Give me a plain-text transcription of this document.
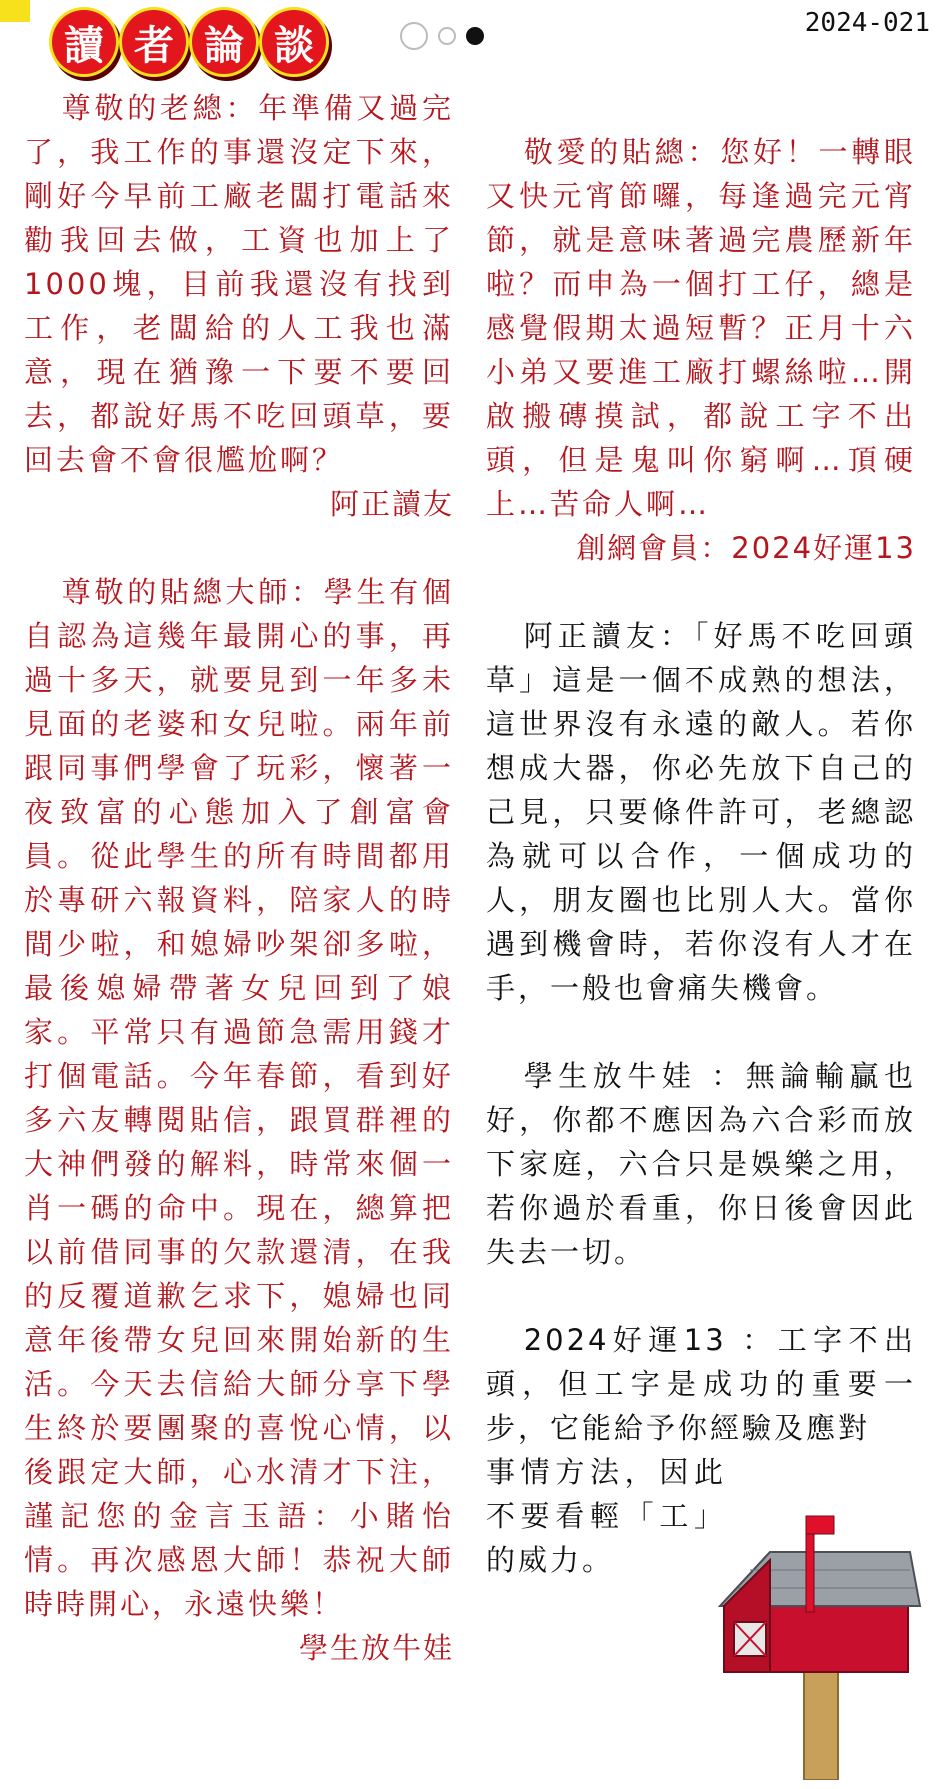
讀 者 論 談	2024-021

尊敬的老總：年準備又過完了，我工作的事還沒定下來，剛好今早前工廠老闆打電話來勸我回去做，工資也加上了1000塊，目前我還沒有找到工作，老闆給的人工我也滿意，現在猶豫一下要不要回去，都說好馬不吃回頭草，要回去會不會很尷尬啊？

阿正讀友

尊敬的貼總大師：學生有個自認為這幾年最開心的事，再過十多天，就要見到一年多未見面的老婆和女兒啦。兩年前跟同事們學會了玩彩，懷著一夜致富的心態加入了創富會員。從此學生的所有時間都用於專研六報資料，陪家人的時間少啦，和媳婦吵架卻多啦，最後媳婦帶著女兒回到了娘家。平常只有過節急需用錢才打個電話。今年春節，看到好多六友轉閱貼信，跟買群裡的大神們發的解料，時常來個一肖一碼的命中。現在，總算把以前借同事的欠款還清，在我的反覆道歉乞求下，媳婦也同意年後帶女兒回來開始新的生活。今天去信給大師分享下學生終於要團聚的喜悅心情，以後跟定大師，心水清才下注，謹記您的金言玉語：小賭怡情。再次感恩大師！恭祝大師時時開心，永遠快樂！

學生放牛娃

敬愛的貼總：您好！一轉眼又快元宵節囉，每逢過完元宵節，就是意味著過完農歷新年啦？而申為一個打工仔，總是感覺假期太過短暫？正月十六小弟又要進工廠打螺絲啦…開啟搬磚摸試，都說工字不出頭，但是鬼叫你窮啊…頂硬上…苦命人啊…

創網會員：2024好運13

阿正讀友：「好馬不吃回頭草」這是一個不成熟的想法，這世界沒有永遠的敵人。若你想成大器，你必先放下自己的己見，只要條件許可，老總認為就可以合作，一個成功的人，朋友圈也比別人大。當你遇到機會時，若你沒有人才在手，一般也會痛失機會。

學生放牛娃 ：無論輸贏也好，你都不應因為六合彩而放下家庭，六合只是娛樂之用，若你過於看重，你日後會因此失去一切。

2024好運13 ：工字不出頭，但工字是成功的重要一步，它能給予你經驗及應對

事情方法，因此不要看輕「工」的威力。
